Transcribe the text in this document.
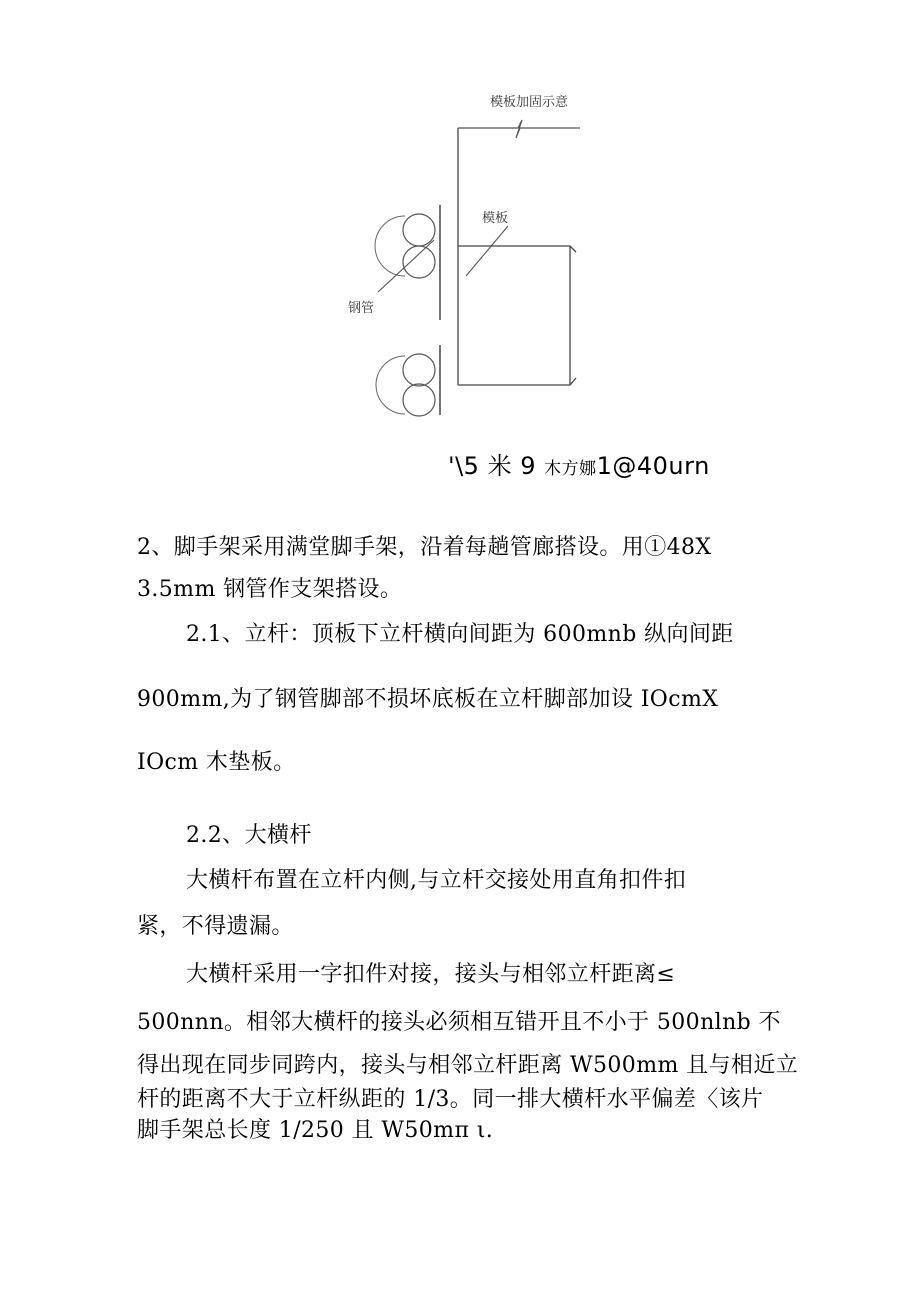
模板加固示意
模板
钢管
'\5 米 9 木方娜1@40urn
2、脚手架采用满堂脚手架，沿着每趟管廊搭设。用①48X
3.5mm 钢管作支架搭设。
2.1、立杆：顶板下立杆横向间距为 600mnb 纵向间距
900mm,为了钢管脚部不损坏底板在立杆脚部加设 IOcmX
IOcm 木垫板。
2.2、大横杆
大横杆布置在立杆内侧,与立杆交接处用直角扣件扣
紧，不得遗漏。
大横杆采用一字扣件对接，接头与相邻立杆距离≤
500nnn。相邻大横杆的接头必须相互错开且不小于 500nlnb 不
得出现在同步同跨内，接头与相邻立杆距离 W500mm 且与相近立
杆的距离不大于立杆纵距的 1/3。同一排大横杆水平偏差〈该片
脚手架总长度 1/250 且 W50mπ ι.
